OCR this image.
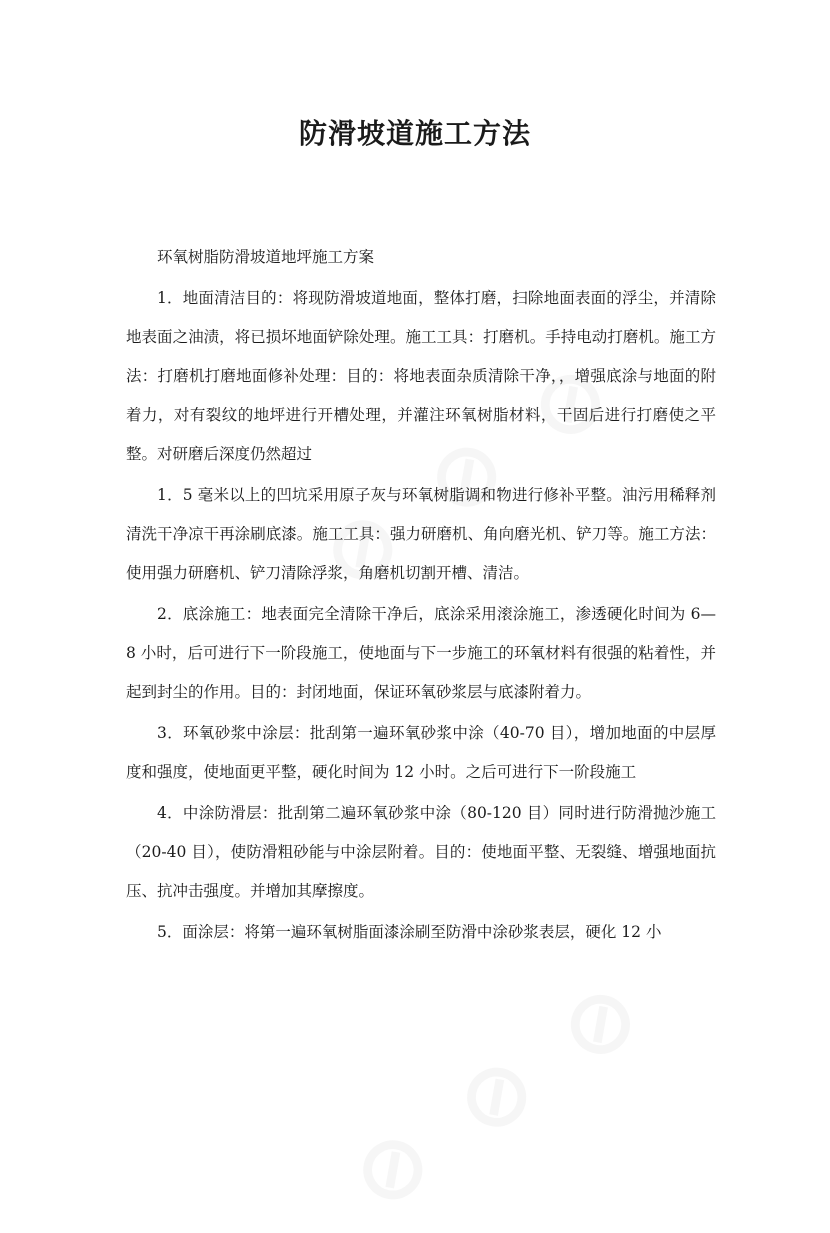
防滑坡道施工方法

环氧树脂防滑坡道地坪施工方案

1．地面清洁目的：将现防滑坡道地面，整体打磨，扫除地面表面的浮尘，并清除地表面之油渍，将已损坏地面铲除处理。施工工具：打磨机。手持电动打磨机。施工方法：打磨机打磨地面修补处理：目的：将地表面杂质清除干净，，增强底涂与地面的附着力，对有裂纹的地坪进行开槽处理，并灌注环氧树脂材料，干固后进行打磨使之平整。对研磨后深度仍然超过

1．5 毫米以上的凹坑采用原子灰与环氧树脂调和物进行修补平整。油污用稀释剂清洗干净凉干再涂刷底漆。施工工具：强力研磨机、角向磨光机、铲刀等。施工方法：使用强力研磨机、铲刀清除浮浆，角磨机切割开槽、清洁。

2．底涂施工：地表面完全清除干净后，底涂采用滚涂施工，渗透硬化时间为 6—8 小时，后可进行下一阶段施工，使地面与下一步施工的环氧材料有很强的粘着性，并起到封尘的作用。目的：封闭地面，保证环氧砂浆层与底漆附着力。

3．环氧砂浆中涂层：批刮第一遍环氧砂浆中涂（40-70 目），增加地面的中层厚度和强度，使地面更平整，硬化时间为 12 小时。之后可进行下一阶段施工

4．中涂防滑层：批刮第二遍环氧砂浆中涂（80-120 目）同时进行防滑抛沙施工（20-40 目），使防滑粗砂能与中涂层附着。目的：使地面平整、无裂缝、增强地面抗压、抗冲击强度。并增加其摩擦度。

5．面涂层：将第一遍环氧树脂面漆涂刷至防滑中涂砂浆表层，硬化 12 小
